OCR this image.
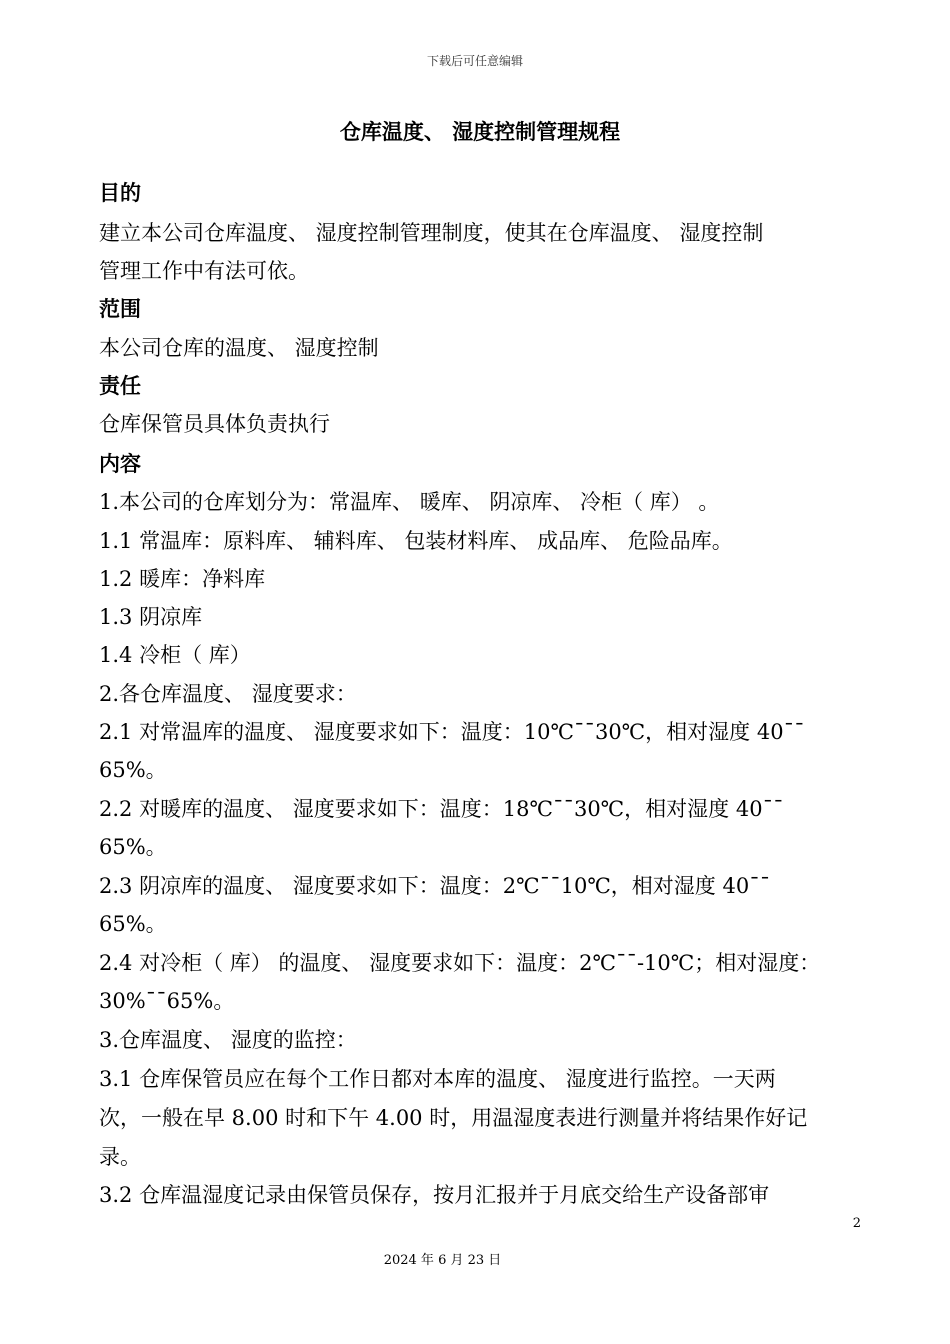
下载后可任意编辑
仓库温度、 湿度控制管理规程
目的
建立本公司仓库温度、 湿度控制管理制度，使其在仓库温度、 湿度控制
管理工作中有法可依。
范围
本公司仓库的温度、 湿度控制
责任
仓库保管员具体负责执行
内容
1.本公司的仓库划分为：常温库、 暖库、 阴凉库、 冷柜（ 库） 。
1.1 常温库：原料库、 辅料库、 包装材料库、 成品库、 危险品库。
1.2 暖库：净料库
1.3 阴凉库
1.4 冷柜（ 库）
2.各仓库温度、 湿度要求：
2.1 对常温库的温度、 湿度要求如下：温度：10℃¯¯30℃，相对湿度 40¯¯
65%。
2.2 对暖库的温度、 湿度要求如下：温度：18℃¯¯30℃，相对湿度 40¯¯
65%。
2.3 阴凉库的温度、 湿度要求如下：温度：2℃¯¯10℃，相对湿度 40¯¯
65%。
2.4 对冷柜（ 库） 的温度、 湿度要求如下：温度：2℃¯¯-10℃；相对湿度：
30%¯¯65%。
3.仓库温度、 湿度的监控：
3.1 仓库保管员应在每个工作日都对本库的温度、 湿度进行监控。一天两
次，一般在早 8.00 时和下午 4.00 时，用温湿度表进行测量并将结果作好记
录。
3.2 仓库温湿度记录由保管员保存，按月汇报并于月底交给生产设备部审
2
2024 年 6 月 23 日
